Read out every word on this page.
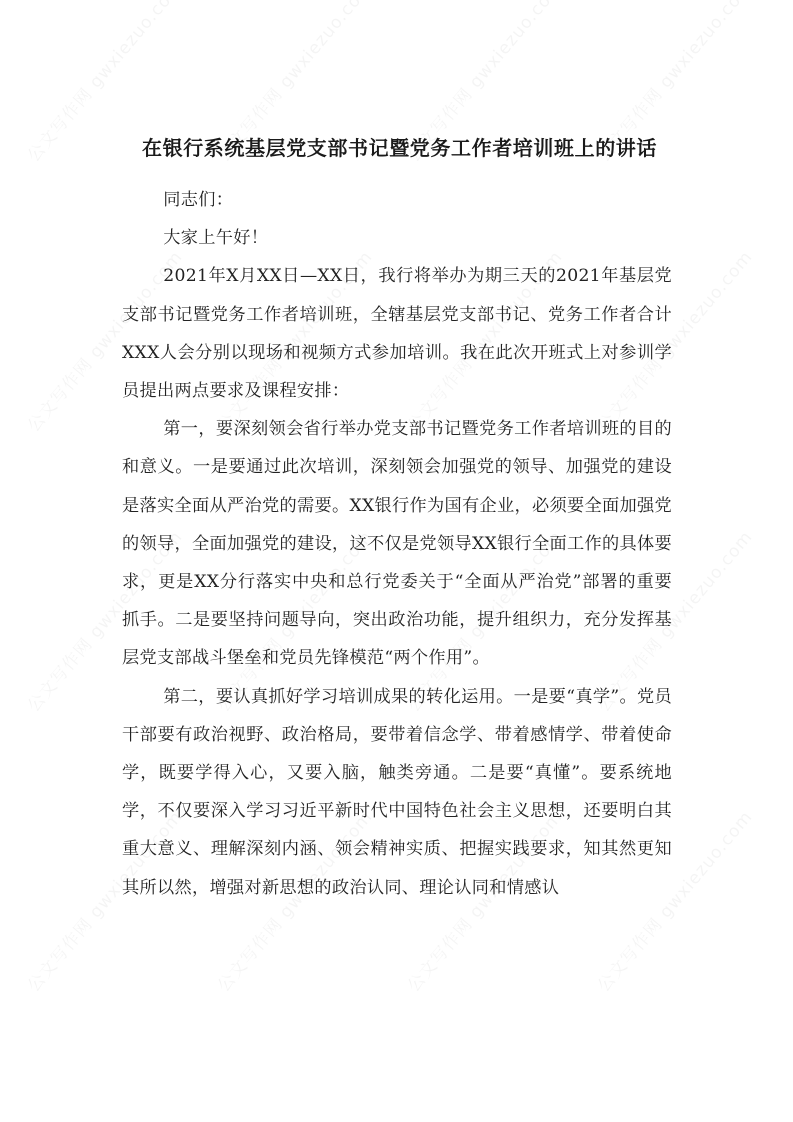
在银行系统基层党支部书记暨党务工作者培训班上的讲话

同志们：

大家上午好！

2021年X月XX日—XX日，我行将举办为期三天的2021年基层党支部书记暨党务工作者培训班，全辖基层党支部书记、党务工作者合计XXX人会分别以现场和视频方式参加培训。我在此次开班式上对参训学员提出两点要求及课程安排：

第一，要深刻领会省行举办党支部书记暨党务工作者培训班的目的和意义。一是要通过此次培训，深刻领会加强党的领导、加强党的建设是落实全面从严治党的需要。XX银行作为国有企业，必须要全面加强党的领导，全面加强党的建设，这不仅是党领导XX银行全面工作的具体要求，更是XX分行落实中央和总行党委关于“全面从严治党”部署的重要抓手。二是要坚持问题导向，突出政治功能，提升组织力，充分发挥基层党支部战斗堡垒和党员先锋模范“两个作用”。

第二，要认真抓好学习培训成果的转化运用。一是要“真学”。党员干部要有政治视野、政治格局，要带着信念学、带着感情学、带着使命学，既要学得入心，又要入脑，触类旁通。二是要“真懂”。要系统地学，不仅要深入学习习近平新时代中国特色社会主义思想，还要明白其重大意义、理解深刻内涵、领会精神实质、把握实践要求，知其然更知其所以然，增强对新思想的政治认同、理论认同和情感认
